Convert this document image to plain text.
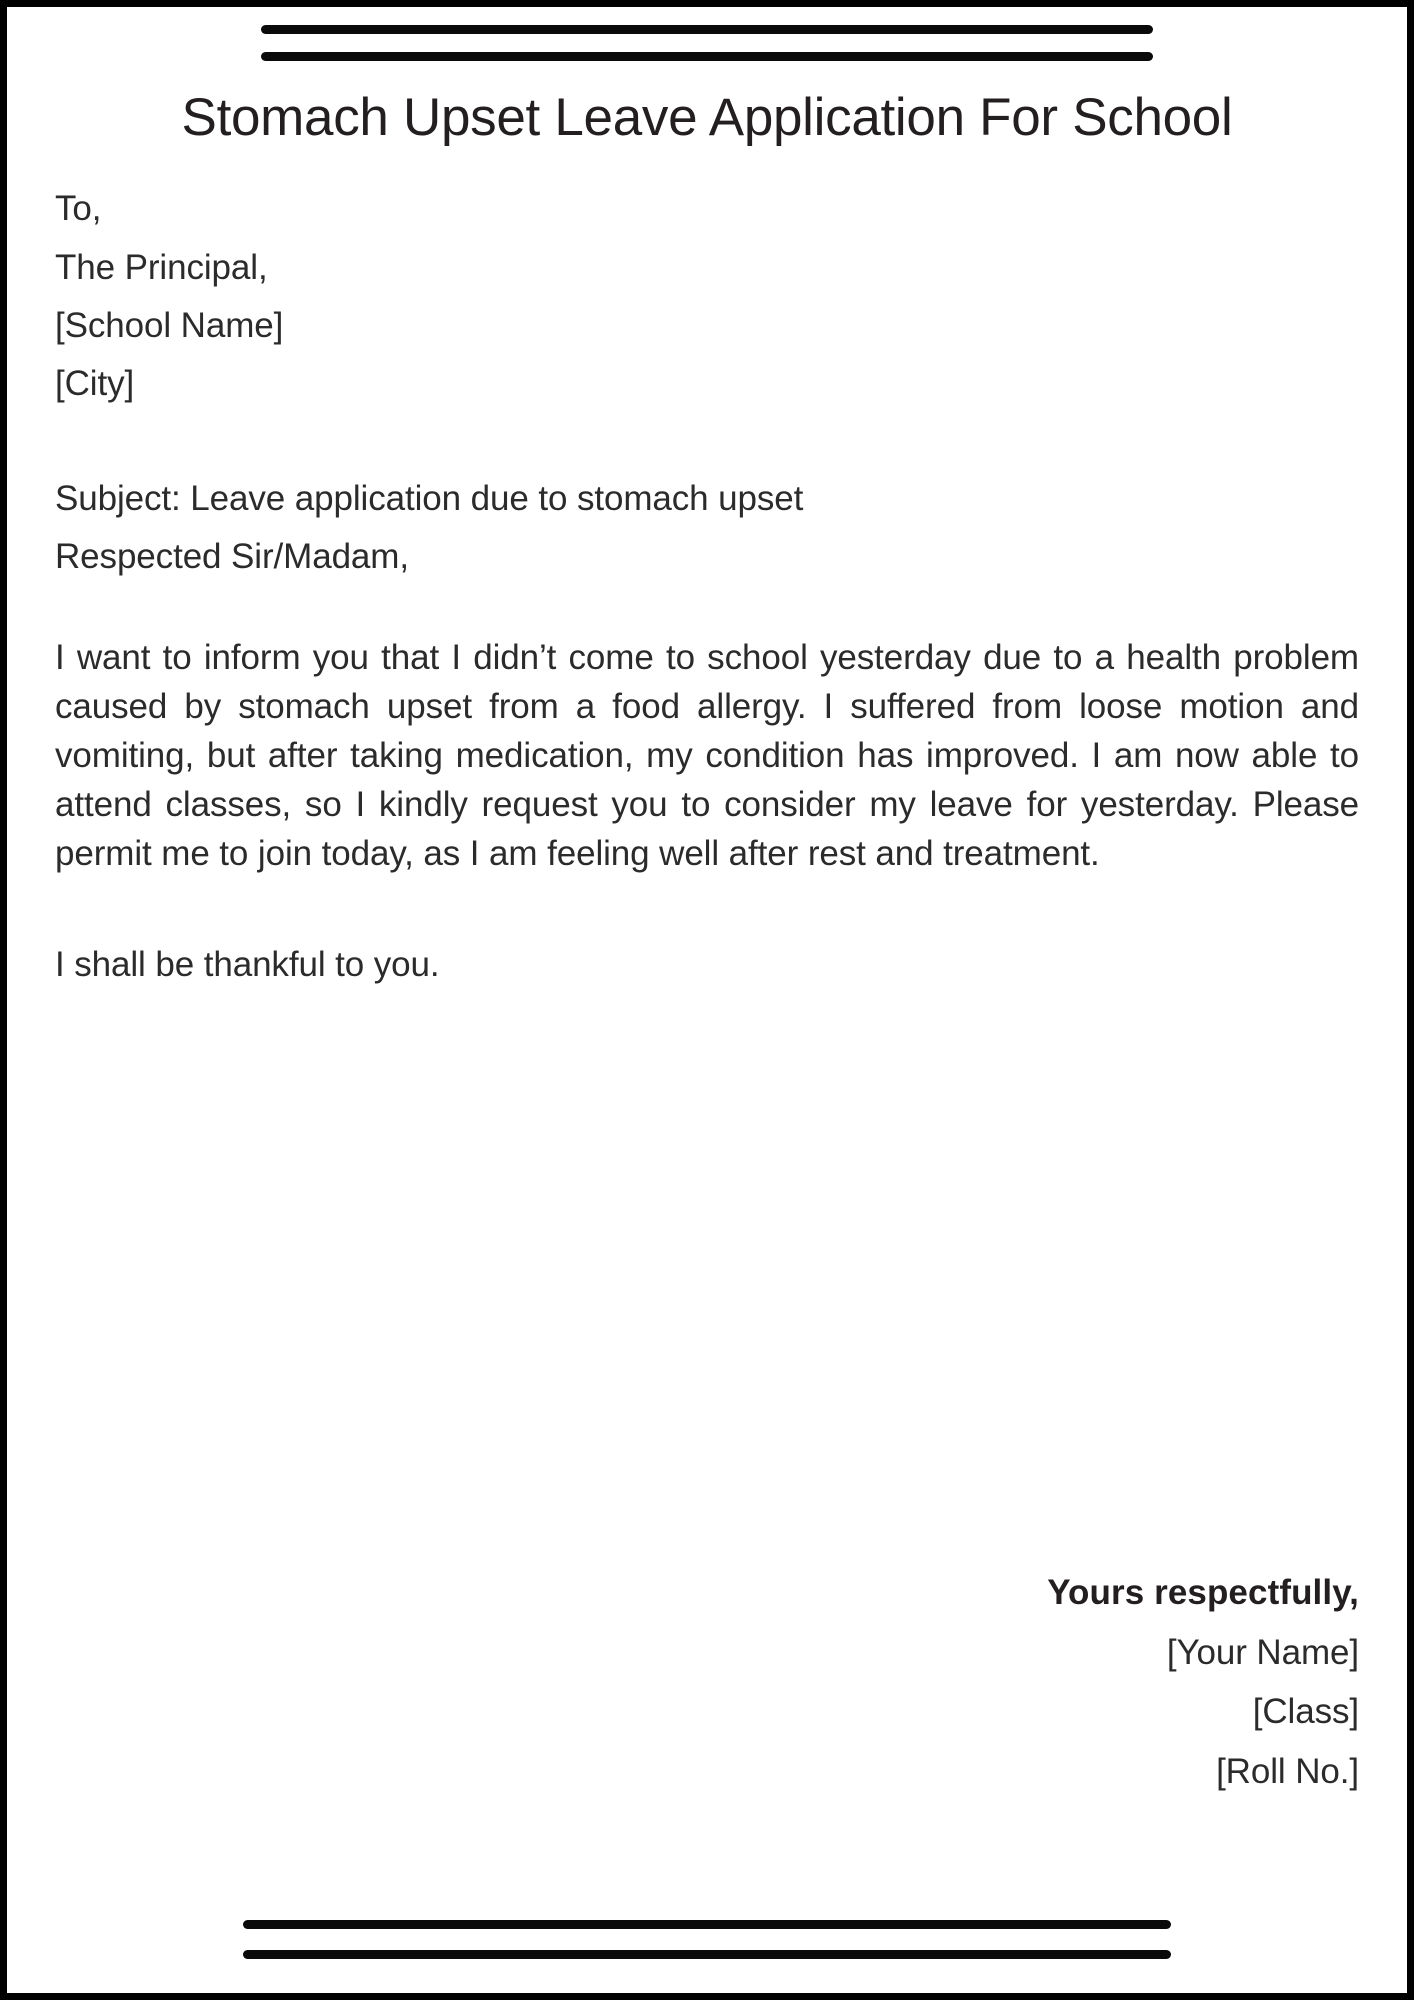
Stomach Upset Leave Application For School

To,

The Principal,

[School Name]

[City]

Subject: Leave application due to stomach upset

Respected Sir/Madam,

I want to inform you that I didn’t come to school yesterday due to a health problem caused by stomach upset from a food allergy. I suffered from loose motion and vomiting, but after taking medication, my condition has improved. I am now able to attend classes, so I kindly request you to consider my leave for yesterday. Please permit me to join today, as I am feeling well after rest and treatment.

I shall be thankful to you.

Yours respectfully,

[Your Name]

[Class]

[Roll No.]
